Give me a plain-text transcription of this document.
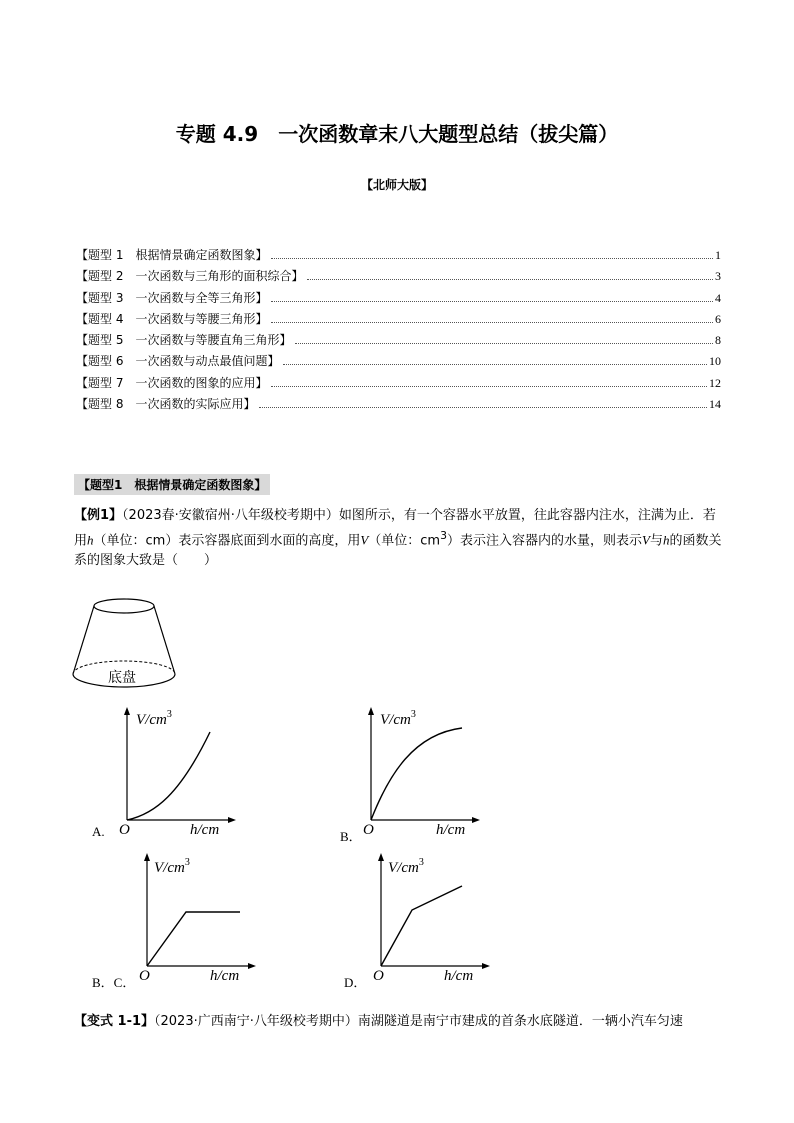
专题 4.9　一次函数章末八大题型总结（拔尖篇）
【北师大版】
【题型 1　根据情景确定函数图象】	1
【题型 2　一次函数与三角形的面积综合】	3
【题型 3　一次函数与全等三角形】	4
【题型 4　一次函数与等腰三角形】	6
【题型 5　一次函数与等腰直角三角形】	8
【题型 6　一次函数与动点最值问题】	10
【题型 7　一次函数的图象的应用】	12
【题型 8　一次函数的实际应用】	14
【题型1　根据情景确定函数图象】
【例1】（2023春·安徽宿州·八年级校考期中）如图所示，有一个容器水平放置，往此容器内注水，注满为止．若用h（单位：cm）表示容器底面到水面的高度，用V（单位：$cm^3$）表示注入容器内的水量，则表示V与h的函数关系的图象大致是（　　）
底盘
$V/cm^3$
O	h/cm
A.
$V/cm^3$
O	h/cm
B．
$V/cm^3$
O	h/cm
B．C．
$V/cm^3$
O	h/cm
D．
【变式 1-1】（2023·广西南宁·八年级校考期中）南湖隧道是南宁市建成的首条水底隧道．一辆小汽车匀速
